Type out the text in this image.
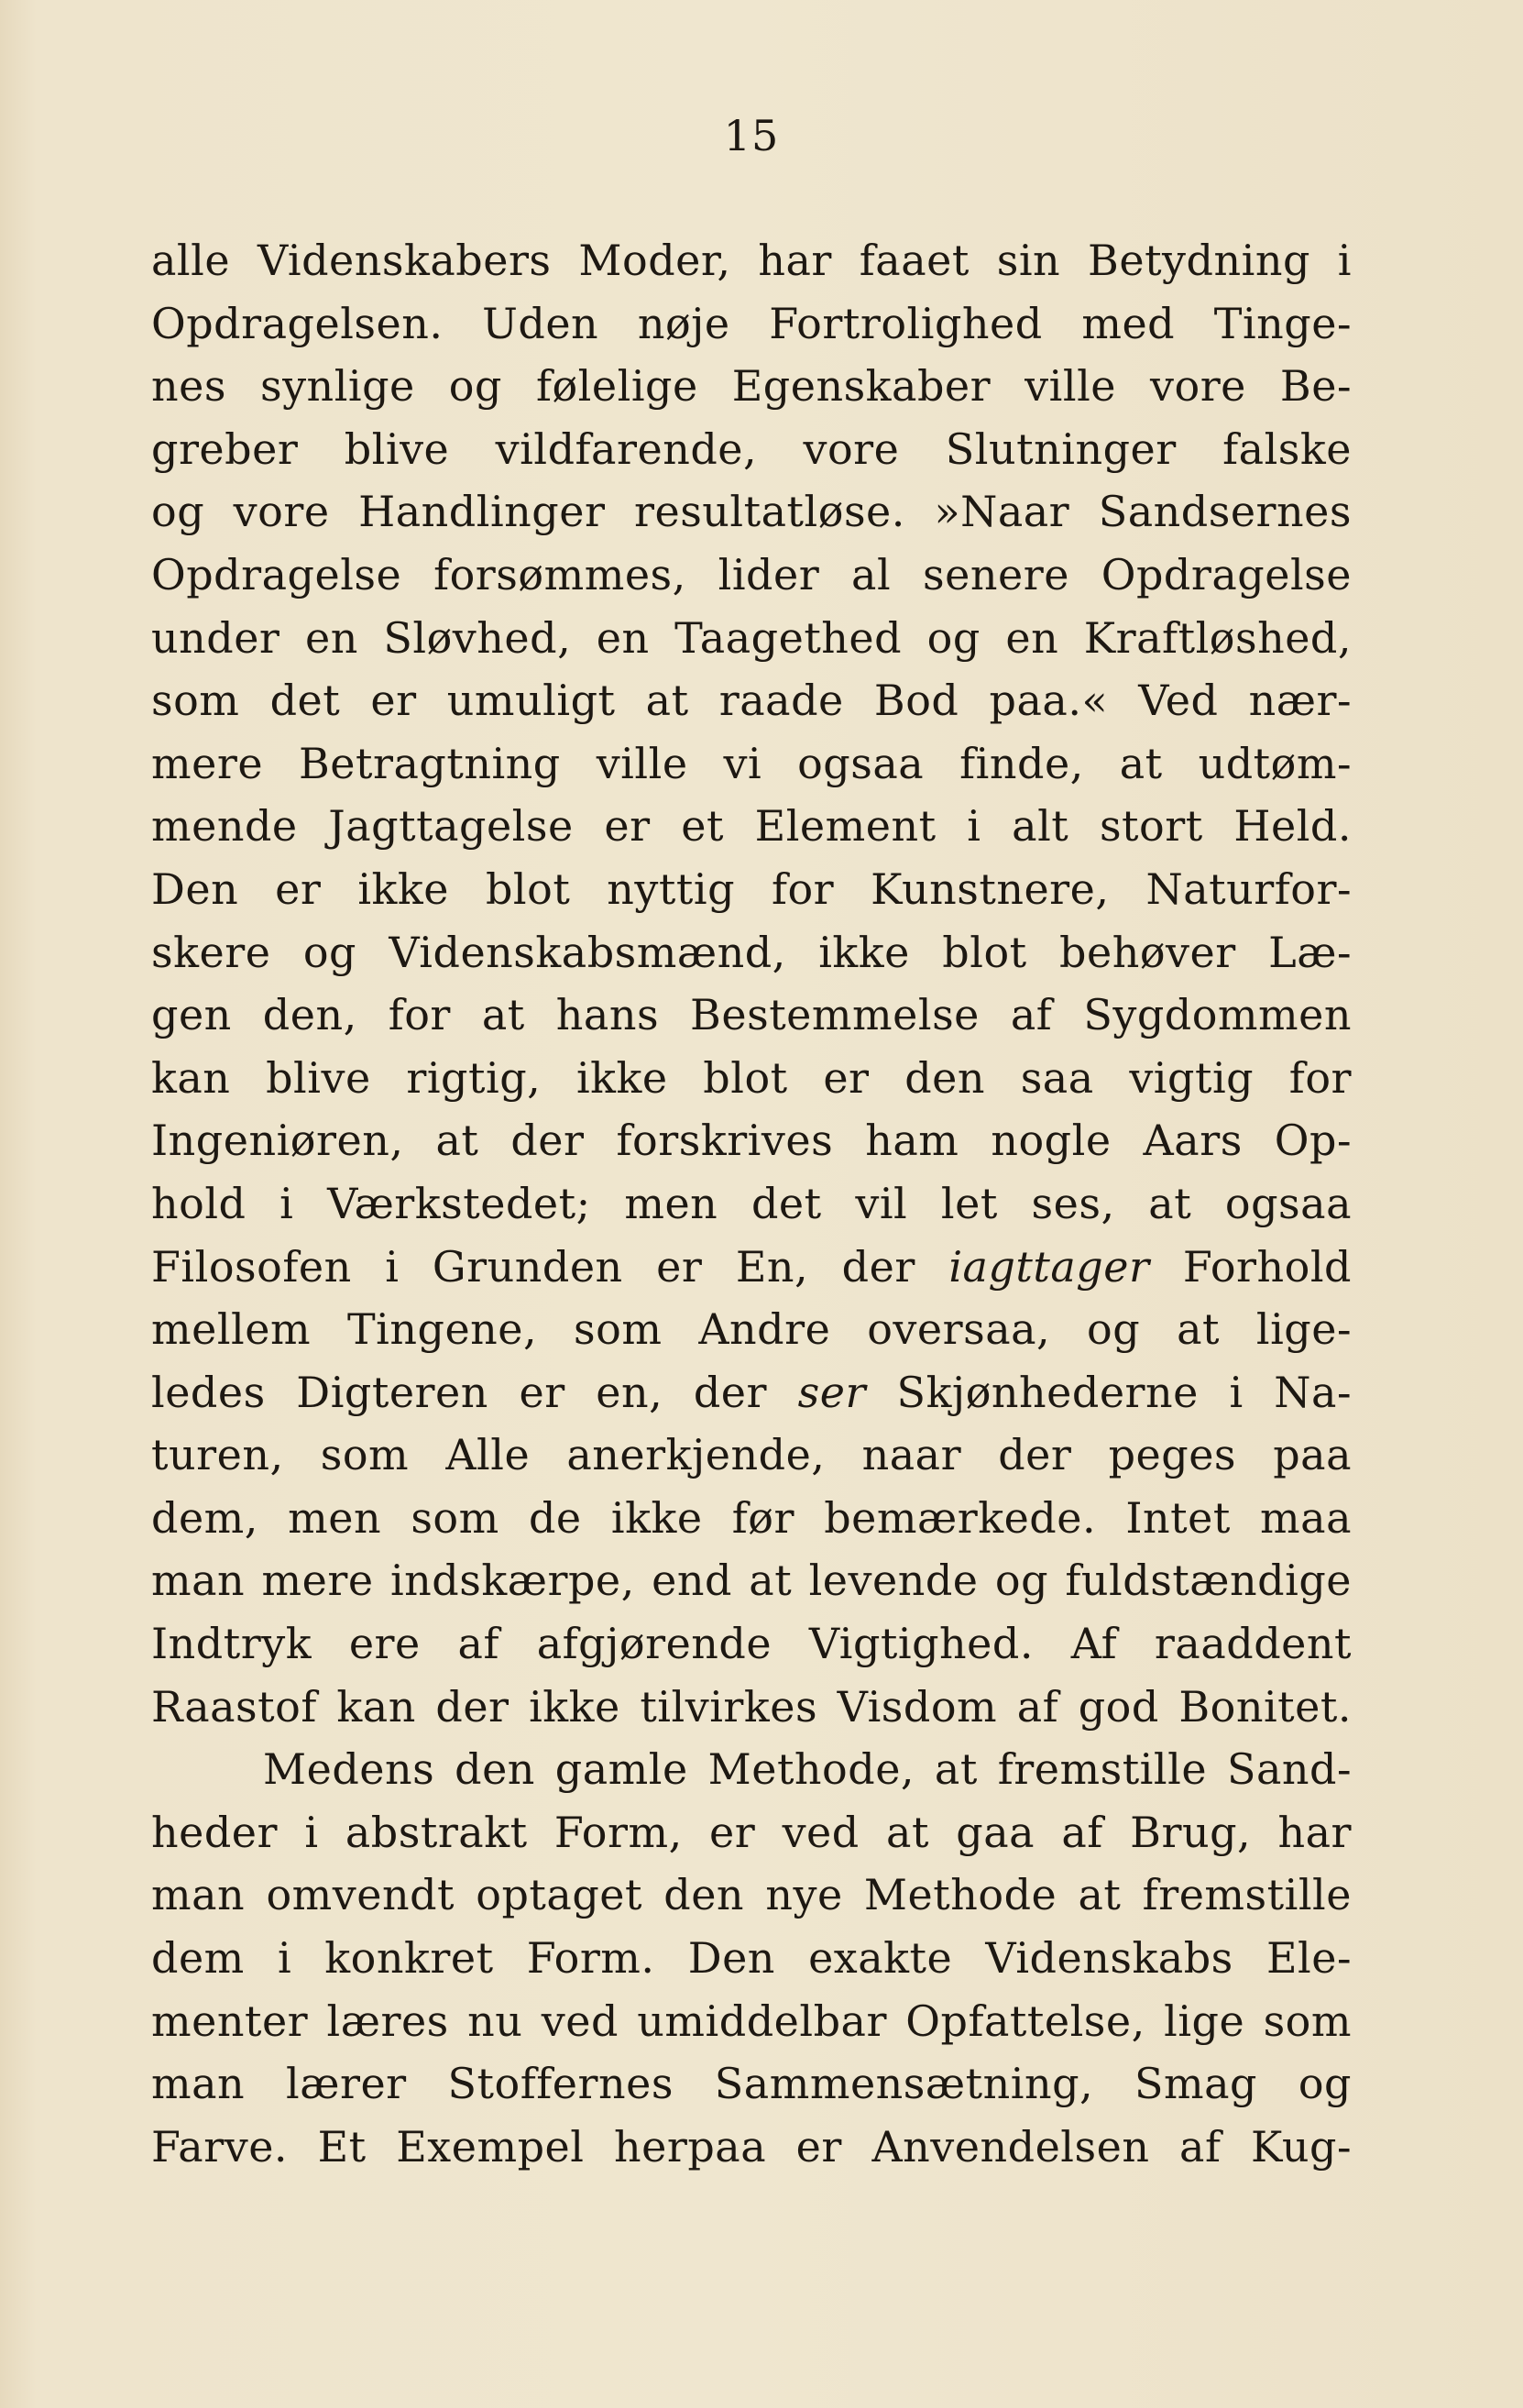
15
alle Videnskabers Moder, har faaet sin Betydning i
Opdragelsen. Uden nøje Fortrolighed med Tinge-
nes synlige og følelige Egenskaber ville vore Be-
greber blive vildfarende, vore Slutninger falske
og vore Handlinger resultatløse. »Naar Sandsernes
Opdragelse forsømmes, lider al senere Opdragelse
under en Sløvhed, en Taagethed og en Kraftløshed,
som det er umuligt at raade Bod paa.« Ved nær-
mere Betragtning ville vi ogsaa finde, at udtøm-
mende Jagttagelse er et Element i alt stort Held.
Den er ikke blot nyttig for Kunstnere, Naturfor-
skere og Videnskabsmænd, ikke blot behøver Læ-
gen den, for at hans Bestemmelse af Sygdommen
kan blive rigtig, ikke blot er den saa vigtig for
Ingeniøren, at der forskrives ham nogle Aars Op-
hold i Værkstedet; men det vil let ses, at ogsaa
Filosofen i Grunden er En, der iagttager Forhold
mellem Tingene, som Andre oversaa, og at lige-
ledes Digteren er en, der ser Skjønhederne i Na-
turen, som Alle anerkjende, naar der peges paa
dem, men som de ikke før bemærkede. Intet maa
man mere indskærpe, end at levende og fuldstændige
Indtryk ere af afgjørende Vigtighed. Af raaddent
Raastof kan der ikke tilvirkes Visdom af god Bonitet.
Medens den gamle Methode, at fremstille Sand-
heder i abstrakt Form, er ved at gaa af Brug, har
man omvendt optaget den nye Methode at fremstille
dem i konkret Form. Den exakte Videnskabs Ele-
menter læres nu ved umiddelbar Opfattelse, lige som
man lærer Stoffernes Sammensætning, Smag og
Farve. Et Exempel herpaa er Anvendelsen af Kug-
